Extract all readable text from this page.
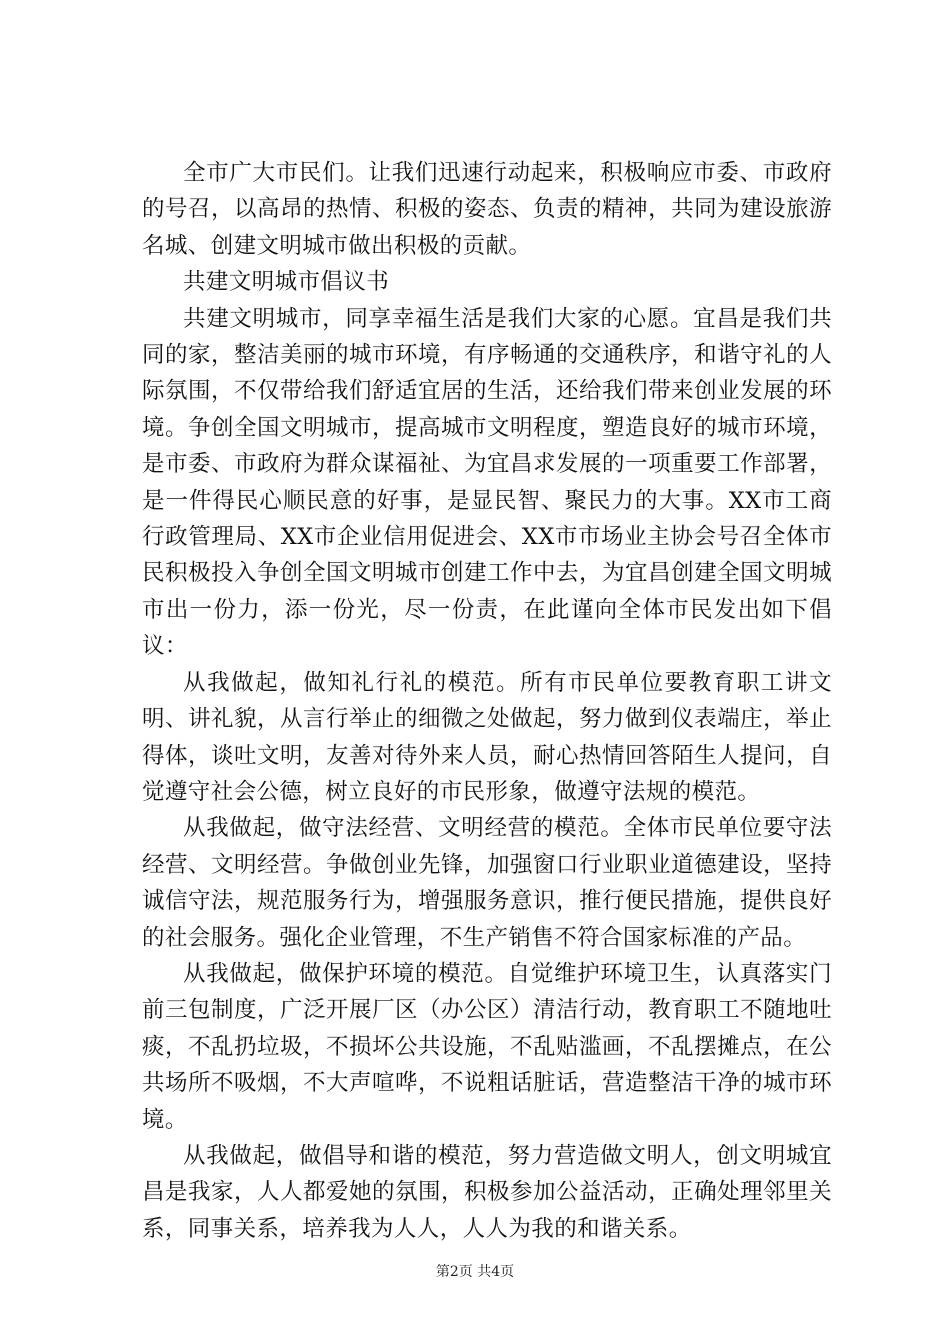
全市广大市民们。让我们迅速行动起来，积极响应市委、市政府的号召，以高昂的热情、积极的姿态、负责的精神，共同为建设旅游名城、创建文明城市做出积极的贡献。

共建文明城市倡议书

共建文明城市，同享幸福生活是我们大家的心愿。宜昌是我们共同的家，整洁美丽的城市环境，有序畅通的交通秩序，和谐守礼的人际氛围，不仅带给我们舒适宜居的生活，还给我们带来创业发展的环境。争创全国文明城市，提高城市文明程度，塑造良好的城市环境，是市委、市政府为群众谋福祉、为宜昌求发展的一项重要工作部署，是一件得民心顺民意的好事，是显民智、聚民力的大事。XX市工商行政管理局、XX市企业信用促进会、XX市市场业主协会号召全体市民积极投入争创全国文明城市创建工作中去，为宜昌创建全国文明城市出一份力，添一份光，尽一份责，在此谨向全体市民发出如下倡议：

从我做起，做知礼行礼的模范。所有市民单位要教育职工讲文明、讲礼貌，从言行举止的细微之处做起，努力做到仪表端庄，举止得体，谈吐文明，友善对待外来人员，耐心热情回答陌生人提问，自觉遵守社会公德，树立良好的市民形象，做遵守法规的模范。

从我做起，做守法经营、文明经营的模范。全体市民单位要守法经营、文明经营。争做创业先锋，加强窗口行业职业道德建设，坚持诚信守法，规范服务行为，增强服务意识，推行便民措施，提供良好的社会服务。强化企业管理，不生产销售不符合国家标准的产品。

从我做起，做保护环境的模范。自觉维护环境卫生，认真落实门前三包制度，广泛开展厂区（办公区）清洁行动，教育职工不随地吐痰，不乱扔垃圾，不损坏公共设施，不乱贴滥画，不乱摆摊点，在公共场所不吸烟，不大声喧哗，不说粗话脏话，营造整洁干净的城市环境。

从我做起，做倡导和谐的模范，努力营造做文明人，创文明城宜昌是我家，人人都爱她的氛围，积极参加公益活动，正确处理邻里关系，同事关系，培养我为人人，人人为我的和谐关系。

第2页 共4页
